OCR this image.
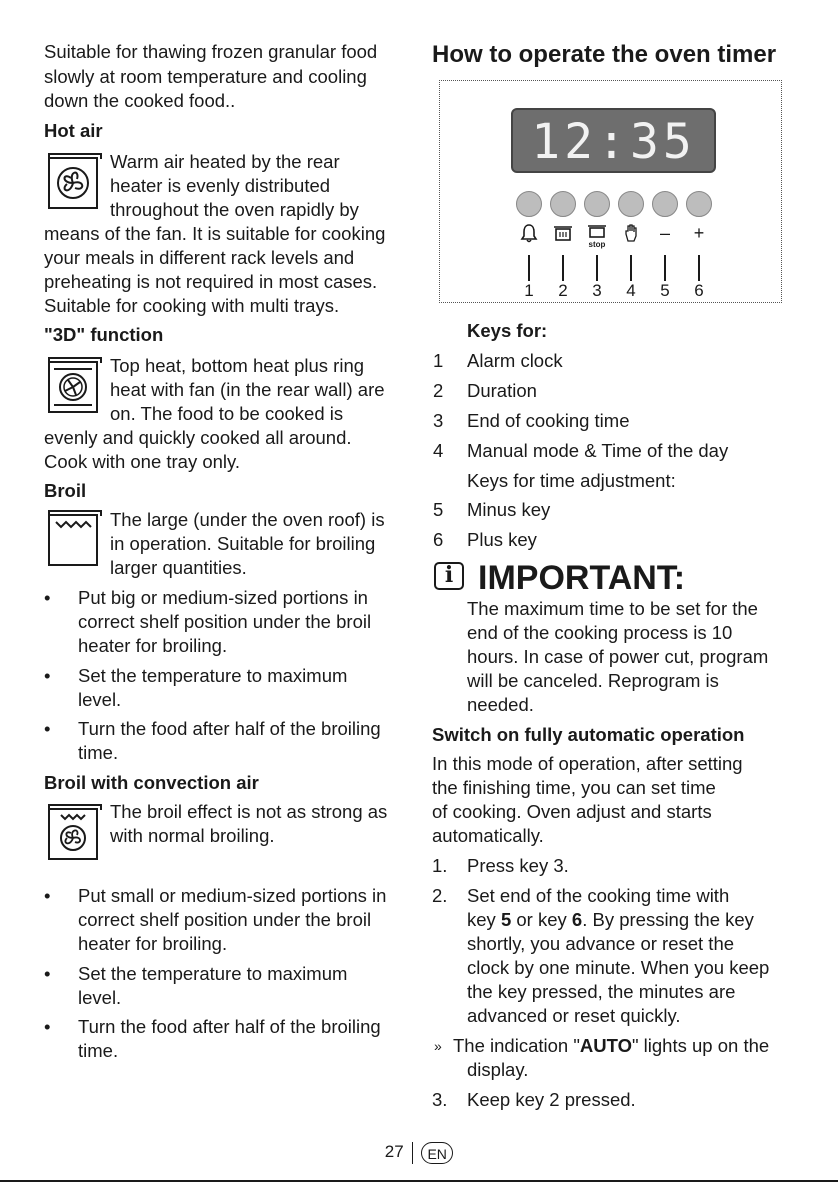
Suitable for thawing frozen granular food

slowly at room temperature and cooling

down the cooked food..

Hot air

Warm air heated by the rear

heater is evenly distributed

throughout the oven rapidly by

means of the fan. It is suitable for cooking

your meals in different rack levels and

preheating is not required in most cases.

Suitable for cooking with multi trays.

"3D" function

Top heat, bottom heat plus ring

heat with fan (in the rear wall) are

on. The food to be cooked is

evenly and quickly cooked all around.

Cook with one tray only.

Broil

The large (under the oven roof) is

in operation. Suitable for broiling

larger quantities.

• Put big or medium-sized portions in

correct shelf position under the broil

heater for broiling.

• Set the temperature to maximum

level.

• Turn the food after half of the broiling

time.

Broil with convection air

The broil effect is not as strong as

with normal broiling.

• Put small or medium-sized portions in

correct shelf position under the broil

heater for broiling.

• Set the temperature to maximum

level.

• Turn the food after half of the broiling

time.

How to operate the oven timer
12:35
stop
–	+
1	2	3	4	5	6

Keys for:

1 Alarm clock

2 Duration

3 End of cooking time

4 Manual mode & Time of the day

Keys for time adjustment:

5 Minus key

6 Plus key

i IMPORTANT:

The maximum time to be set for the

end of the cooking process is 10

hours. In case of power cut, program

will be canceled. Reprogram is

needed.

Switch on fully automatic operation

In this mode of operation, after setting

the finishing time, you can set time

of cooking. Oven adjust and starts

automatically.

1. Press key 3.

2. Set end of the cooking time with

key 5 or key 6. By pressing the key

shortly, you advance or reset the

clock by one minute. When you keep

the key pressed, the minutes are

advanced or reset quickly.

» The indication "AUTO" lights up on the

display.

3. Keep key 2 pressed.

27 EN
